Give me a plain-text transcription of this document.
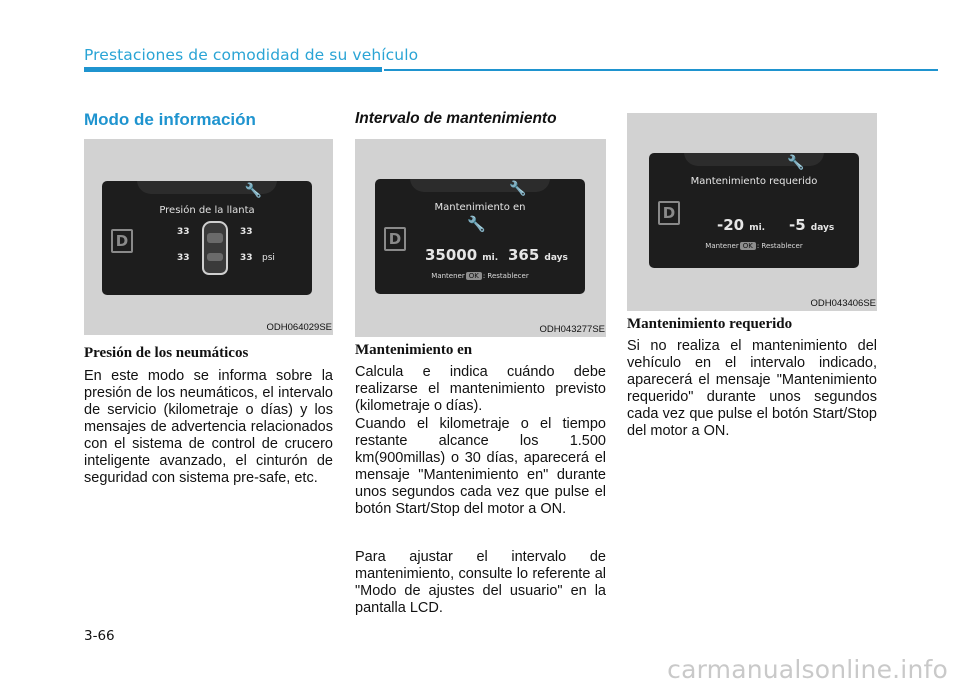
Prestaciones de comodidad de su vehículo
Modo de información
D
🔧
Presión de la llanta
33	33
33	33 psi
ODH064029SE
Presión de los neumáticos

En este modo se informa sobre la presión de los neumáticos, el intervalo de servicio (kilometraje o días) y los mensajes de advertencia relacionados con el sistema de control de crucero inteligente avanzado, el cinturón de seguridad con sistema pre-safe, etc.

Intervalo de mantenimiento
D
🔧
Mantenimiento en
🔧
35000 mi. 365 days
Mantener OK : Restablecer
ODH043277SE
Mantenimiento en

Calcula e indica cuándo debe realizarse el mantenimiento previsto (kilometraje o días).

Cuando el kilometraje o el tiempo restante alcance los 1.500 km(900millas) o 30 días, aparecerá el mensaje "Mantenimiento en" durante unos segundos cada vez que pulse el botón Start/Stop del motor a ON.

Para ajustar el intervalo de mantenimiento, consulte lo referente al "Modo de ajustes del usuario" en la pantalla LCD.

D
🔧
Mantenimiento requerido
-20 mi. -5 days
Mantener OK : Restablecer
ODH043406SE
Mantenimiento requerido

Si no realiza el mantenimiento del vehículo en el intervalo indicado, aparecerá el mensaje "Mantenimiento requerido" durante unos segundos cada vez que pulse el botón Start/Stop del motor a ON.

3-66
carmanualsonline.info
